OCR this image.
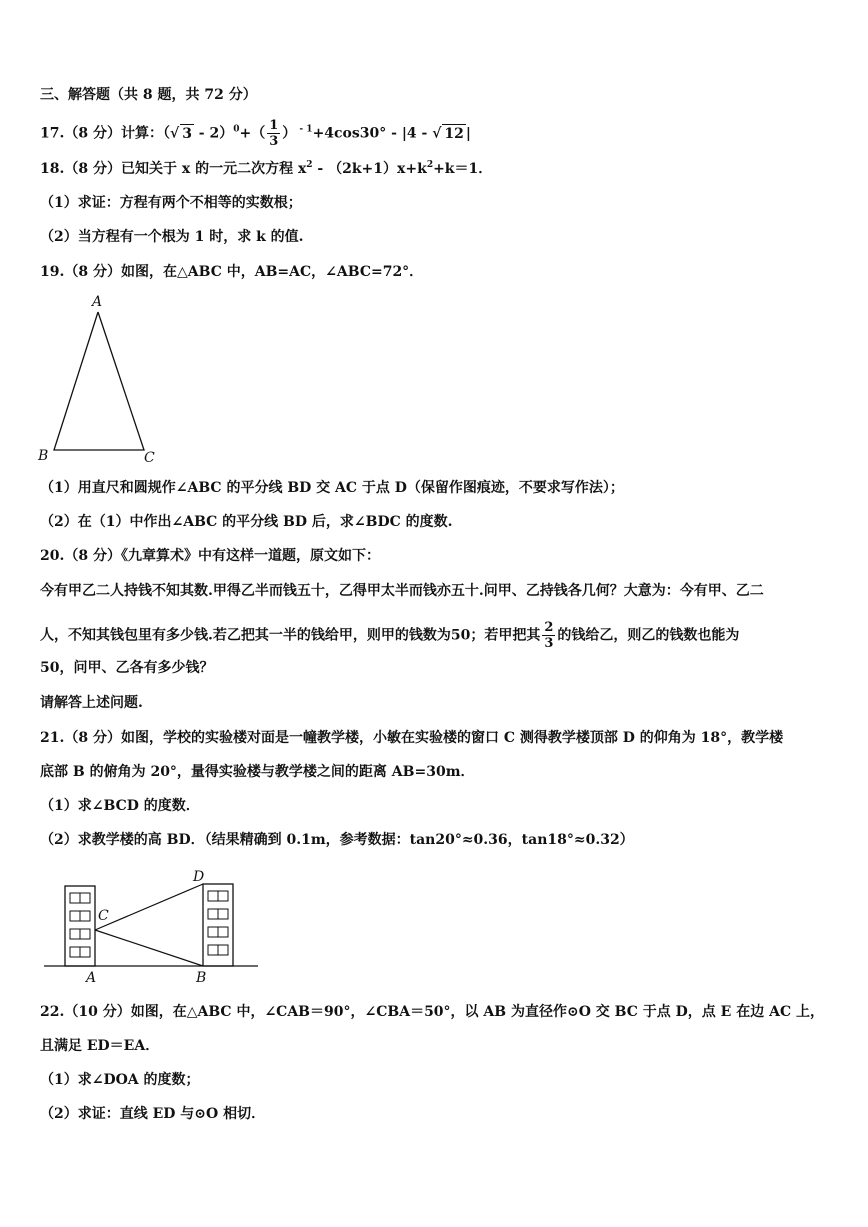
三、解答题（共 8 题，共 72 分）
17.（8 分）计算：（√ $3 - 2)^0+( \frac{1}{3}$ ） $^{- 1}$+4cos30° - |4 - √ 12 |
18.（8 分）已知关于 x 的一元二次方程 $x^2 - (2k+1)x+k^2+k=1$．
（1）求证：方程有两个不相等的实数根；
（2）当方程有一个根为 1 时，求 k 的值.
19.（8 分）如图，在△ABC 中，AB=AC，∠ABC=72°．
A
B	C
（1）用直尺和圆规作∠ABC 的平分线 BD 交 AC 于点 D（保留作图痕迹，不要求写作法）；
（2）在（1）中作出∠ABC 的平分线 BD 后，求∠BDC 的度数.
20.（8 分）《九章算术》中有这样一道题，原文如下：
今有甲乙二人持钱不知其数.甲得乙半而钱五十，乙得甲太半而钱亦五十.问甲、乙持钱各几何？大意为：今有甲、乙二
人，不知其钱包里有多少钱.若乙把其一半的钱给甲，则甲的钱数为50；若甲把其 $\frac{2}{3}$ 的钱给乙，则乙的钱数也能为
50，问甲、乙各有多少钱？
请解答上述问题.
21.（8 分）如图，学校的实验楼对面是一幢教学楼，小敏在实验楼的窗口 C 测得教学楼顶部 D 的仰角为 18°，教学楼
底部 B 的俯角为 20°，量得实验楼与教学楼之间的距离 AB=30m．
（1）求∠BCD 的度数．
（2）求教学楼的高 BD．（结果精确到 0.1m，参考数据：tan20°≈0.36，tan18°≈0.32）
C
D
A	B
22.（10 分）如图，在△ABC 中，∠CAB＝90°，∠CBA＝50°，以 AB 为直径作⊙O 交 BC 于点 D，点 E 在边 AC 上，
且满足 ED＝EA．
（1）求∠DOA 的度数；
（2）求证：直线 ED 与⊙O 相切．
